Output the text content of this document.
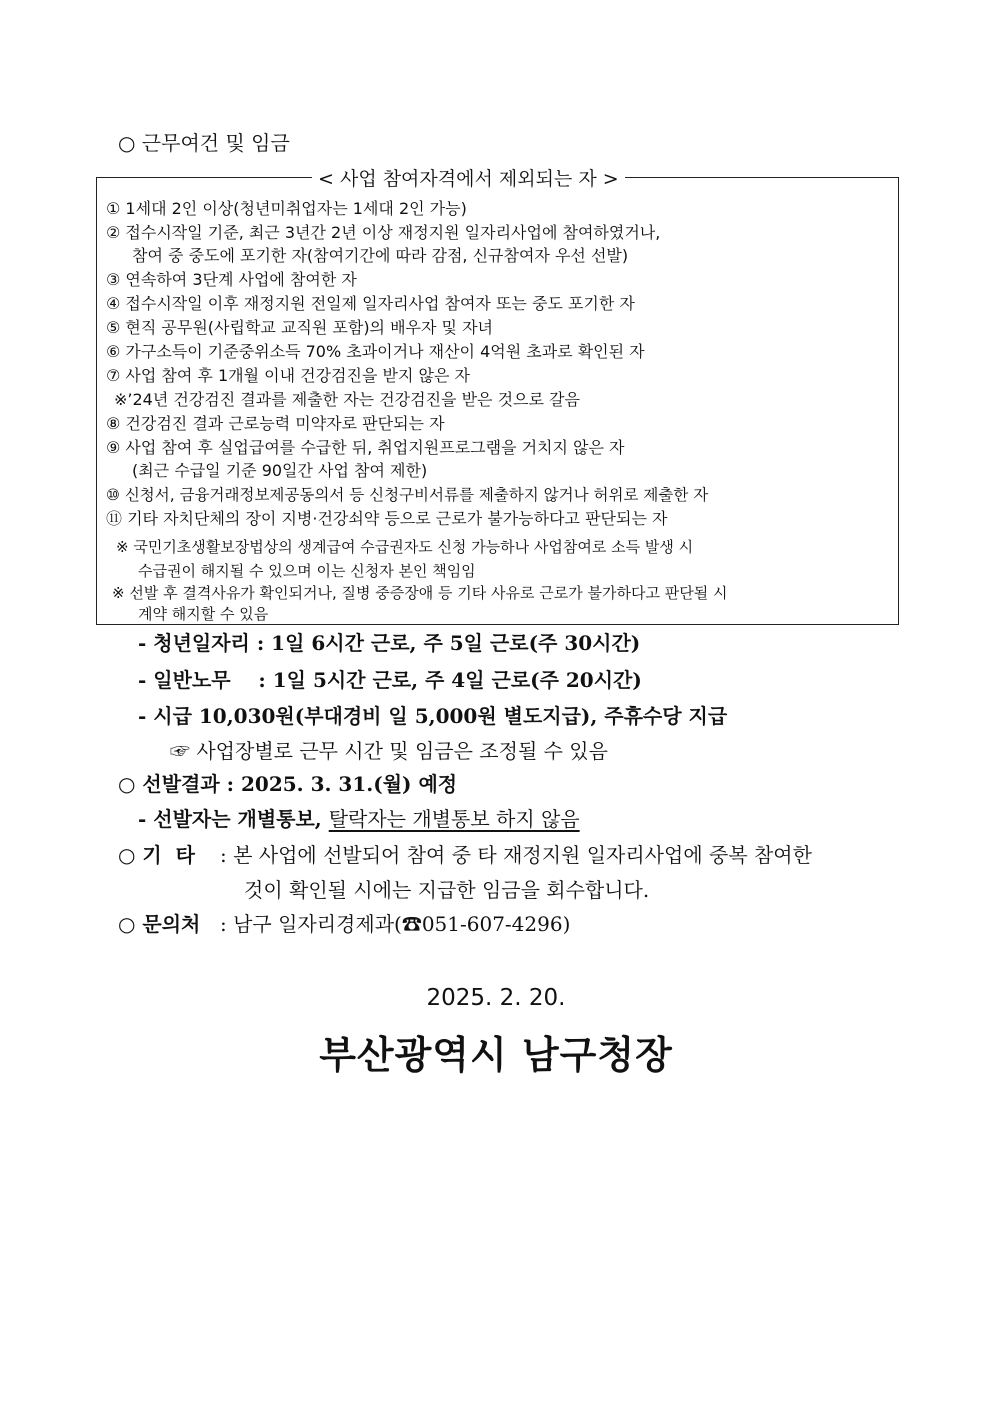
○ 근무여건 및 임금
< 사업 참여자격에서 제외되는 자 >
① 1세대 2인 이상(청년미취업자는 1세대 2인 가능)
② 접수시작일 기준, 최근 3년간 2년 이상 재정지원 일자리사업에 참여하였거나,
참여 중 중도에 포기한 자(참여기간에 따라 감점, 신규참여자 우선 선발)
③ 연속하여 3단계 사업에 참여한 자
④ 접수시작일 이후 재정지원 전일제 일자리사업 참여자 또는 중도 포기한 자
⑤ 현직 공무원(사립학교 교직원 포함)의 배우자 및 자녀
⑥ 가구소득이 기준중위소득 70% 초과이거나 재산이 4억원 초과로 확인된 자
⑦ 사업 참여 후 1개월 이내 건강검진을 받지 않은 자
※’24년 건강검진 결과를 제출한 자는 건강검진을 받은 것으로 갈음
⑧ 건강검진 결과 근로능력 미약자로 판단되는 자
⑨ 사업 참여 후 실업급여를 수급한 뒤, 취업지원프로그램을 거치지 않은 자
(최근 수급일 기준 90일간 사업 참여 제한)
⑩ 신청서, 금융거래정보제공동의서 등 신청구비서류를 제출하지 않거나 허위로 제출한 자
⑪ 기타 자치단체의 장이 지병·건강쇠약 등으로 근로가 불가능하다고 판단되는 자
※ 국민기초생활보장법상의 생계급여 수급권자도 신청 가능하나 사업참여로 소득 발생 시
수급권이 해지될 수 있으며 이는 신청자 본인 책임임
※ 선발 후 결격사유가 확인되거나, 질병 중증장애 등 기타 사유로 근로가 불가하다고 판단될 시
계약 해지할 수 있음
- 청년일자리 : 1일 6시간 근로, 주 5일 근로(주 30시간)
- 일반노무    : 1일 5시간 근로, 주 4일 근로(주 20시간)
- 시급 10,030원(부대경비 일 5,000원 별도지급), 주휴수당 지급
☞ 사업장별로 근무 시간 및 임금은 조정될 수 있음
○ 선발결과 : 2025. 3. 31.(월) 예정
- 선발자는 개별통보, 탈락자는 개별통보 하지 않음
○ 기  타 : 본 사업에 선발되어 참여 중 타 재정지원 일자리사업에 중복 참여한
것이 확인될 시에는 지급한 임금을 회수합니다.
○ 문의처 : 남구 일자리경제과(☎051-607-4296)
2025. 2. 20.
부산광역시 남구청장
